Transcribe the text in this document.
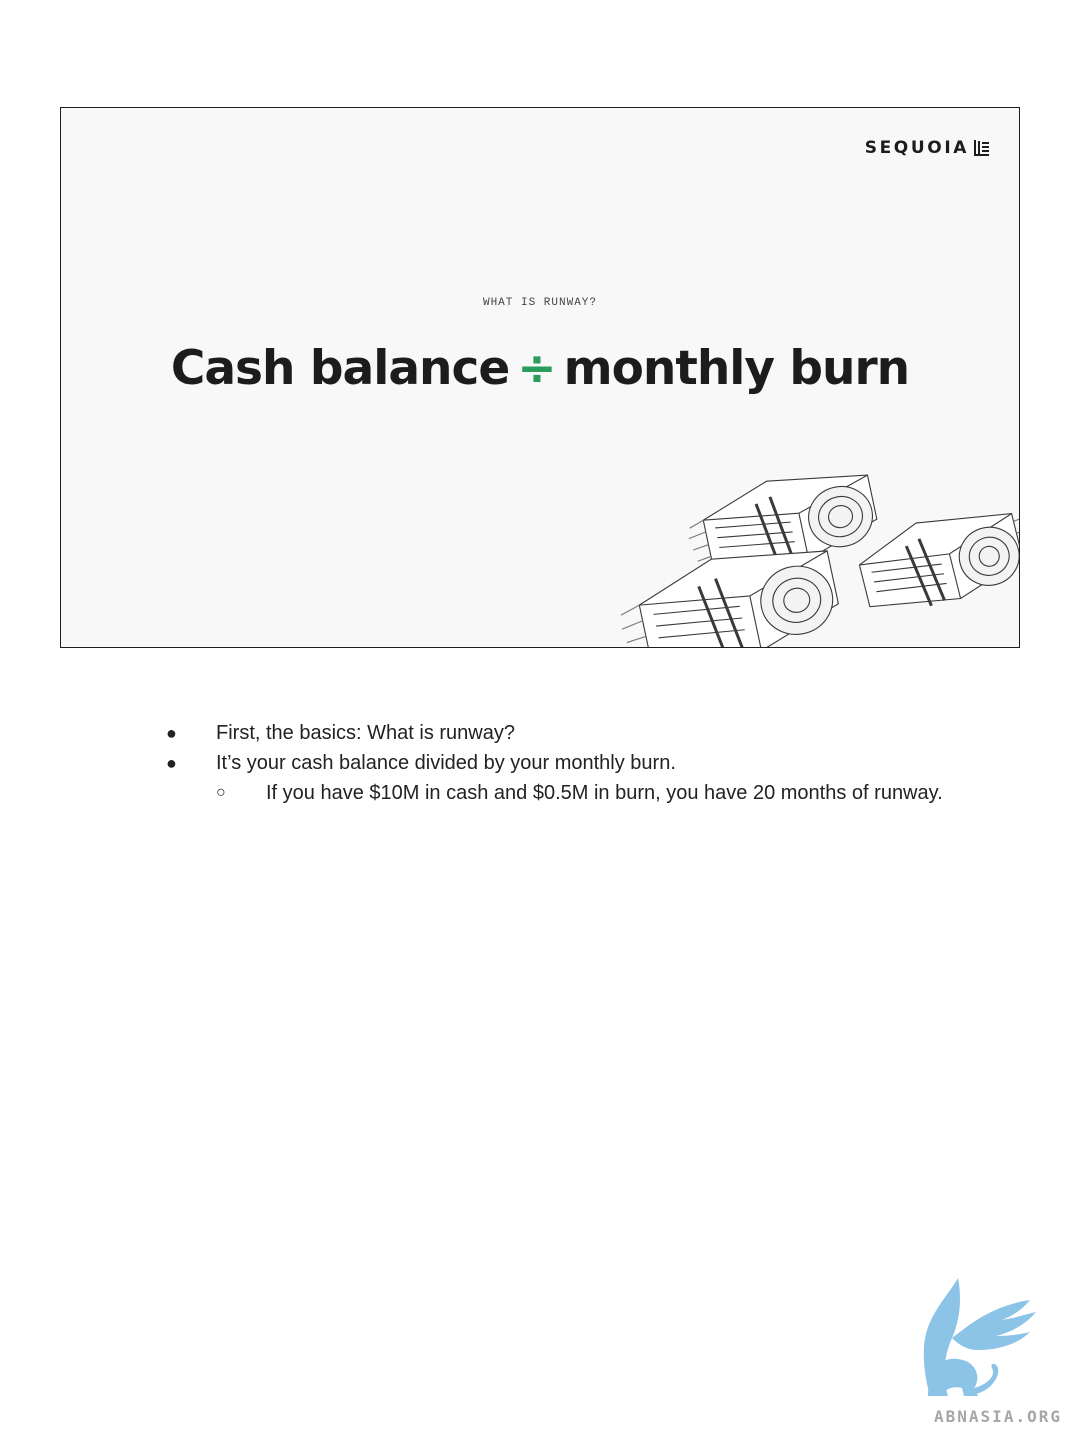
SEQUOIA
WHAT IS RUNWAY?
Cash balance ÷ monthly burn
● First, the basics: What is runway?
● It’s your cash balance divided by your monthly burn.
○ If you have $10M in cash and $0.5M in burn, you have 20 months of runway.
ABNASIA.ORG
